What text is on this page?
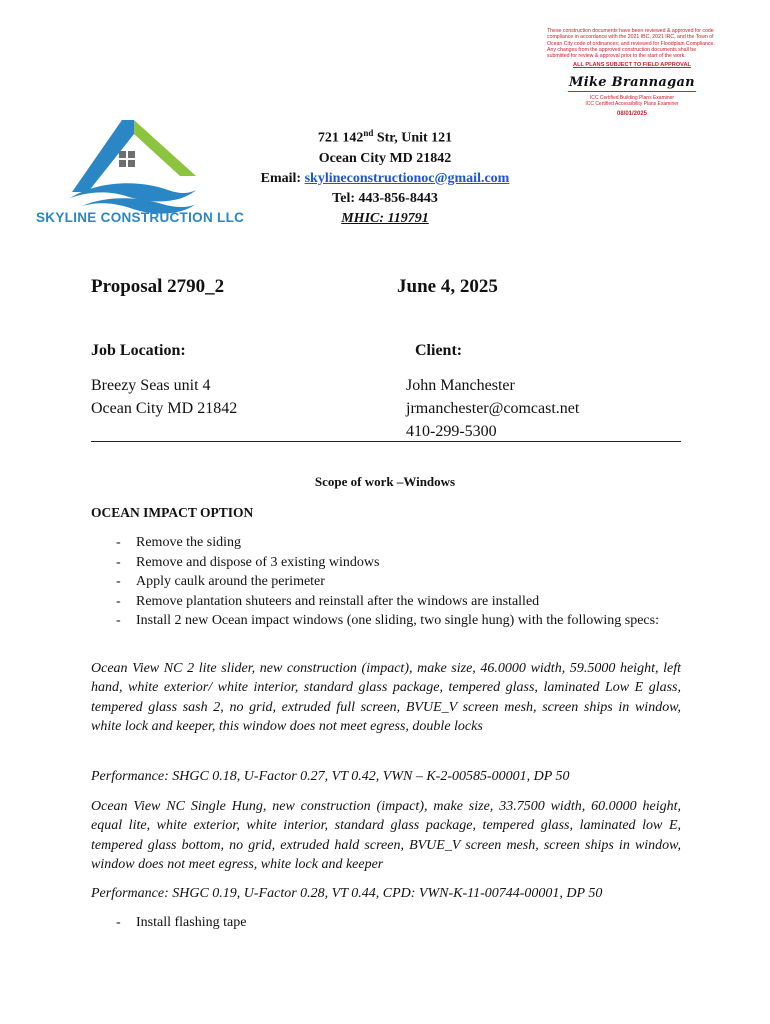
These construction documents have been reviewed & approved for code compliance in accordance with the 2021 IBC, 2021 IRC, and the Town of Ocean City code of ordinances; and reviewed for Floodplain Compliance. Any changes from the approved construction documents shall be submitted for review & approval prior to the start of the work.
ALL PLANS SUBJECT TO FIELD APPROVAL
Mike Brannagan
ICC Certified Building Plans Examiner
ICC Certified Accessibility Plans Examiner
08/01/2025
SKYLINE CONSTRUCTION LLC
721 142nd Str, Unit 121
Ocean City MD 21842
Email: skylineconstructionoc@gmail.com
Tel: 443-856-8443
MHIC: 119791
Proposal 2790_2	June 4, 2025
Job Location:	Client:
Breezy Seas unit 4
Ocean City MD 21842
John Manchester
jrmanchester@comcast.net
410-299-5300
Scope of work –Windows
OCEAN IMPACT OPTION
- Remove the siding
- Remove and dispose of 3 existing windows
- Apply caulk around the perimeter
- Remove plantation shuteers and reinstall after the windows are installed
- Install 2 new Ocean impact windows (one sliding, two single hung) with the following specs:
Ocean View NC 2 lite slider, new construction (impact), make size, 46.0000 width, 59.5000 height, left hand, white exterior/ white interior, standard glass package, tempered glass, laminated Low E glass, tempered glass sash 2, no grid, extruded full screen, BVUE_V screen mesh, screen ships in window, white lock and keeper, this window does not meet egress, double locks
Performance: SHGC 0.18, U-Factor 0.27, VT 0.42, VWN – K-2-00585-00001, DP 50
Ocean View NC Single Hung, new construction (impact), make size, 33.7500 width, 60.0000 height, equal lite, white exterior, white interior, standard glass package, tempered glass, laminated low E, tempered glass bottom, no grid, extruded hald screen, BVUE_V screen mesh, screen ships in window, window does not meet egress, white lock and keeper
Performance: SHGC 0.19, U-Factor 0.28, VT 0.44, CPD: VWN-K-11-00744-00001, DP 50
- Install flashing tape
